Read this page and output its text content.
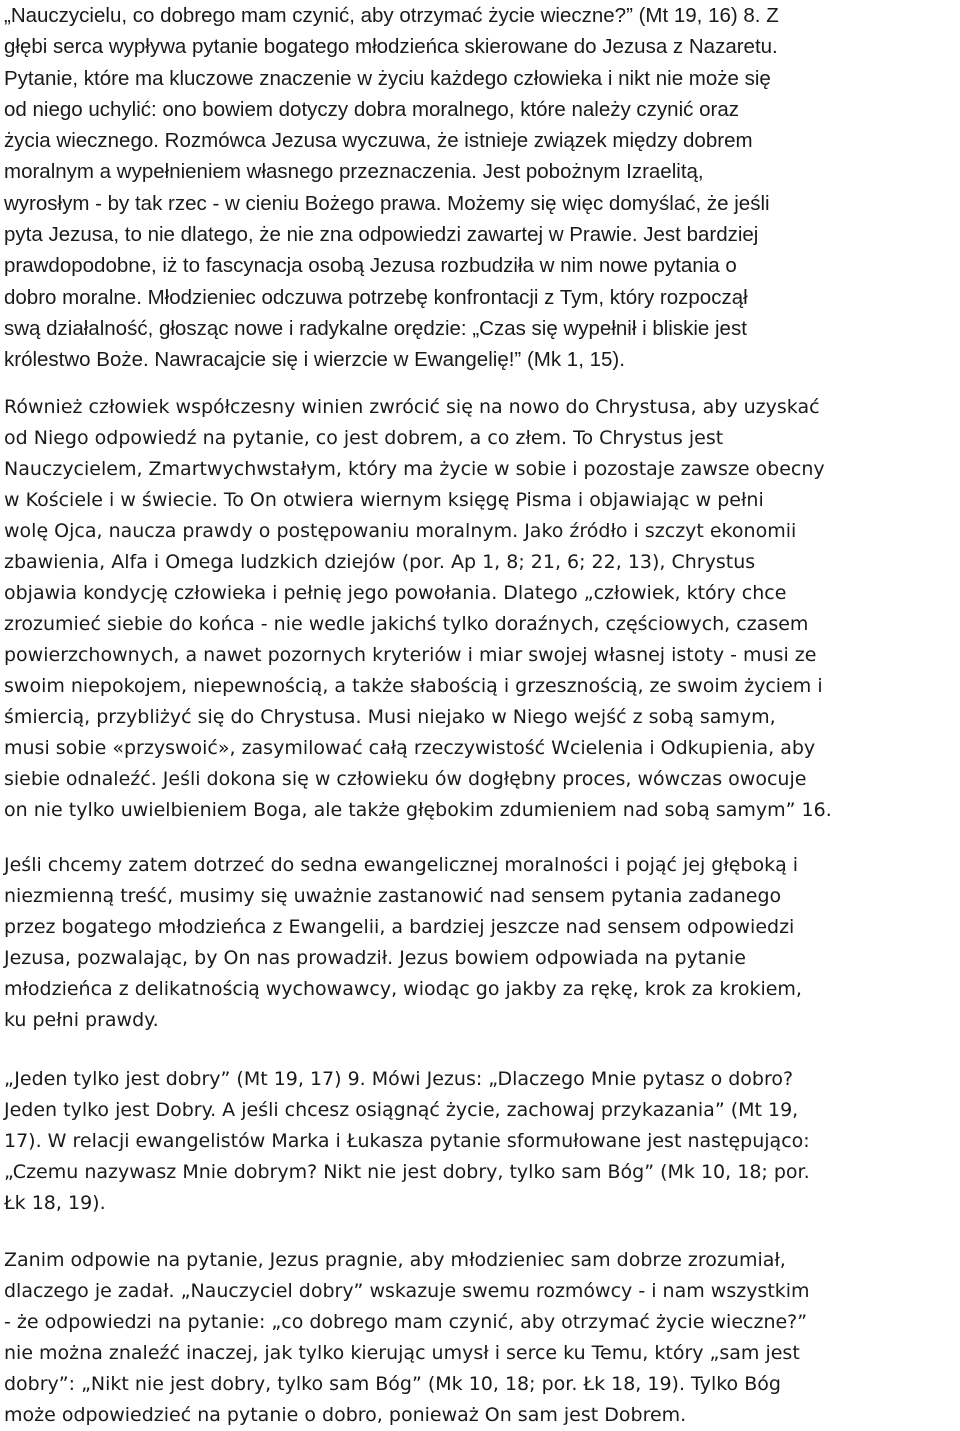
„Nauczycielu, co dobrego mam czynić, aby otrzymać życie wieczne?” (Mt 19, 16) 8. Z
głębi serca wypływa pytanie bogatego młodzieńca skierowane do Jezusa z Nazaretu.
Pytanie, które ma kluczowe znaczenie w życiu każdego człowieka i nikt nie może się
od niego uchylić: ono bowiem dotyczy dobra moralnego, które należy czynić oraz
życia wiecznego. Rozmówca Jezusa wyczuwa, że istnieje związek między dobrem
moralnym a wypełnieniem własnego przeznaczenia. Jest pobożnym Izraelitą,
wyrosłym - by tak rzec - w cieniu Bożego prawa. Możemy się więc domyślać, że jeśli
pyta Jezusa, to nie dlatego, że nie zna odpowiedzi zawartej w Prawie. Jest bardziej
prawdopodobne, iż to fascynacja osobą Jezusa rozbudziła w nim nowe pytania o
dobro moralne. Młodzieniec odczuwa potrzebę konfrontacji z Tym, który rozpoczął
swą działalność, głosząc nowe i radykalne orędzie: „Czas się wypełnił i bliskie jest
królestwo Boże. Nawracajcie się i wierzcie w Ewangelię!” (Mk 1, 15).
Również człowiek współczesny winien zwrócić się na nowo do Chrystusa, aby uzyskać
od Niego odpowiedź na pytanie, co jest dobrem, a co złem. To Chrystus jest
Nauczycielem, Zmartwychwstałym, który ma życie w sobie i pozostaje zawsze obecny
w Kościele i w świecie. To On otwiera wiernym księgę Pisma i objawiając w pełni
wolę Ojca, naucza prawdy o postępowaniu moralnym. Jako źródło i szczyt ekonomii
zbawienia, Alfa i Omega ludzkich dziejów (por. Ap 1, 8; 21, 6; 22, 13), Chrystus
objawia kondycję człowieka i pełnię jego powołania. Dlatego „człowiek, który chce
zrozumieć siebie do końca - nie wedle jakichś tylko doraźnych, częściowych, czasem
powierzchownych, a nawet pozornych kryteriów i miar swojej własnej istoty - musi ze
swoim niepokojem, niepewnością, a także słabością i grzesznością, ze swoim życiem i
śmiercią, przybliżyć się do Chrystusa. Musi niejako w Niego wejść z sobą samym,
musi sobie «przyswoić», zasymilować całą rzeczywistość Wcielenia i Odkupienia, aby
siebie odnaleźć. Jeśli dokona się w człowieku ów dogłębny proces, wówczas owocuje
on nie tylko uwielbieniem Boga, ale także głębokim zdumieniem nad sobą samym” 16.
Jeśli chcemy zatem dotrzeć do sedna ewangelicznej moralności i pojąć jej głęboką i
niezmienną treść, musimy się uważnie zastanowić nad sensem pytania zadanego
przez bogatego młodzieńca z Ewangelii, a bardziej jeszcze nad sensem odpowiedzi
Jezusa, pozwalając, by On nas prowadził. Jezus bowiem odpowiada na pytanie
młodzieńca z delikatnością wychowawcy, wiodąc go jakby za rękę, krok za krokiem,
ku pełni prawdy.
„Jeden tylko jest dobry” (Mt 19, 17) 9. Mówi Jezus: „Dlaczego Mnie pytasz o dobro?
Jeden tylko jest Dobry. A jeśli chcesz osiągnąć życie, zachowaj przykazania” (Mt 19,
17). W relacji ewangelistów Marka i Łukasza pytanie sformułowane jest następująco:
„Czemu nazywasz Mnie dobrym? Nikt nie jest dobry, tylko sam Bóg” (Mk 10, 18; por.
Łk 18, 19).
Zanim odpowie na pytanie, Jezus pragnie, aby młodzieniec sam dobrze zrozumiał,
dlaczego je zadał. „Nauczyciel dobry” wskazuje swemu rozmówcy - i nam wszystkim
- że odpowiedzi na pytanie: „co dobrego mam czynić, aby otrzymać życie wieczne?”
nie można znaleźć inaczej, jak tylko kierując umysł i serce ku Temu, który „sam jest
dobry”: „Nikt nie jest dobry, tylko sam Bóg” (Mk 10, 18; por. Łk 18, 19). Tylko Bóg
może odpowiedzieć na pytanie o dobro, ponieważ On sam jest Dobrem.
